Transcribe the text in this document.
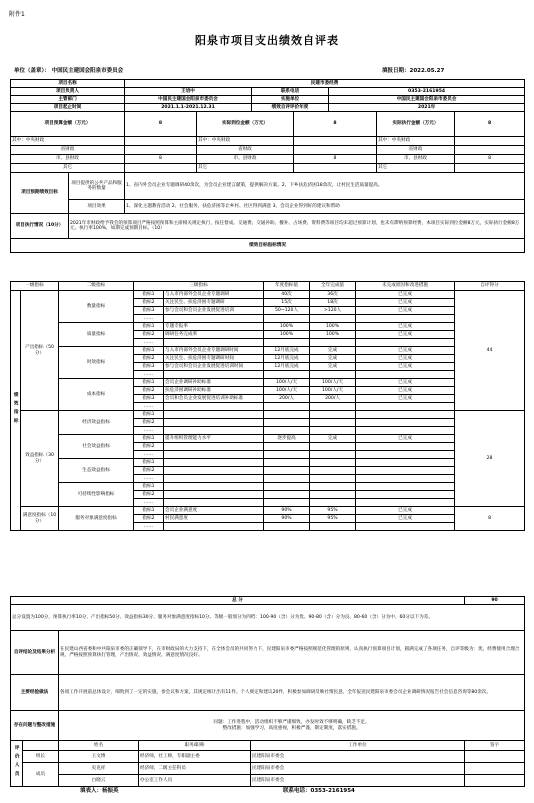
附件1
阳泉市项目支出绩效自评表
单位（盖章）： 中国民主建国会阳泉市委员会	填报日期：2022.05.27
项目名称		民建市委经费						
项目负责人		王培中		联系电话		0353-2161954		
主管部门		中国民主建国会阳泉市委员会		实施单位		中国民主建国会阳泉市委员会		
项目起止时间		2021.1.1-2021.12.31		绩效自评评价年度		2021年		
项目预算金额（万元）		8	实际到位金额（万元）		8		实际执行金额（万元）	8
其中：中央财政			其中：中央财政				其中：中央财政	
省财政			省财政				省财政	
市、县财政		8	市、县财政		8		市、县财政	8
其它			其它				其它	
项目预期绩效目标	项目提供的公共产品和服务的数量	1、省内外会员企业专题调研40余次，为会员企业建言献策，提供解决方案。2、下乡扶危济困18余次，让村民生活质量提高。						
	项目效果	1、深化主题教育活动 2、社会服务、扶危济困等让乡村、社区得到满意 3、会员企业得到好的建议和帮助						
项目执行情况（10分）	2021年市财政给予我会的预算项目严格按照预算和主席相关规定执行，按任督成、交通费、交通补助、餐补、占场费、资料费等项目均未超过预算计划，也未有滞纳预算经费，本项目实际到位金额8万元，实际执行金额8万元，执行率100%，如期完成预期目标。（10）							
绩效目标指标情况								
一级指标		二级指标	三级指标		年度指标值	全年完成值	未完成原因和改进措施	自评得分
绩效指标	产出指标（50分）	数量指标	指标1	与入市内部外会员企业专题调研	40次	36次	已完成	44
			指标2	关注民生、扶危济困专题调研	15次	18次	已完成	
			指标3	参与会员和会员企业发展促进培训	50~120人	>120人	已完成	
			……					
		质量指标	指标1	专题专报率	100%	100%	已完成	
			指标2	调研任务完成率	100%	100%	已完成	
			……					
		时效指标	指标1	与入市内部外会员企业专题调研时间	12月底完成	完成	已完成	
			指标2	关注民生、扶危济困专题调研时间	12月底完成	完成	已完成	
			指标3	参与会员和会员企业发展促进培训时间	12月底完成	完成	已完成	
			……					
		成本指标	指标1	会员企业调研补助标准	100/人/天	100/人/天	已完成	
			指标2	扶危济困调研补助标准	100/人/天	100/人/天	已完成	
			指标3	会员和会员企业发展促进培训补助标准	200/人	200/人	已完成	
			……					
	效益指标（30分）	经济效益指标	指标1					28
			指标2					
			……					
		社会效益指标	指标1	提升组织管理能力水平	逐步提高	完成	已完成	
			指标2					
			……					
		生态效益指标	指标1					
			指标2					
			……					
		可持续性影响指标	指标1					
			指标2					
			……					
	满意度指标（10分）	服务对象满意度指标	指标1	会员企业满意度	90%	95%	已完成	8
			指标2	村民满意度	90%	95%	已完成	
			……					
总 分					90
总分设置为100分，预算执行率10分、产出指标50分、效益指标30分、服务对象满意度指标10分。等级一般划分为四档：100-90（含）分为优、90-80（含）分为良、80-60（含）分为中、60分以下为差。					
自评结论及结果分析		在民建山西省委和中共阳泉市委的正确领导下，在市财政局的大力支持下，在全体会员的共同努力下，民建阳泉市委严格按照规范化管理的原则，认真执行预算项目计划，圆满完成了各项任务，自评等级为：优，经费使用合理合规，严格按照预算执行管理，产出情况、效益情况、满意度情况良好。			
主要经验做法		各项工作开展前总体设计，细致到了一定的实施，参会议和方案，其规定统计出有11件。个人规定和建议20件，积极参加调研反映社情民意，全年报送民建阳泉市委会员企业调研情况报告社会信息咨询等80余次。			
存在问题与整改措施		问题：工作进程中，活动组织不够严谨细致，办发时效不够明确，缺乏不足。
整改措施：加强学习，高度重视，积极严谨，制定制度，落实措施。			

评价人员		姓名	职务/职称	工作单位	签字
	组长	王文博	经济师，社工师，专职副主委	民建阳泉市委会	
	成员	史克祥	经济师，二级主任科员	民建阳泉市委会	
		白晓云	办公室工作人员	民建阳泉市委会	
填表人：杨振英	联系电话：0353-2161954
